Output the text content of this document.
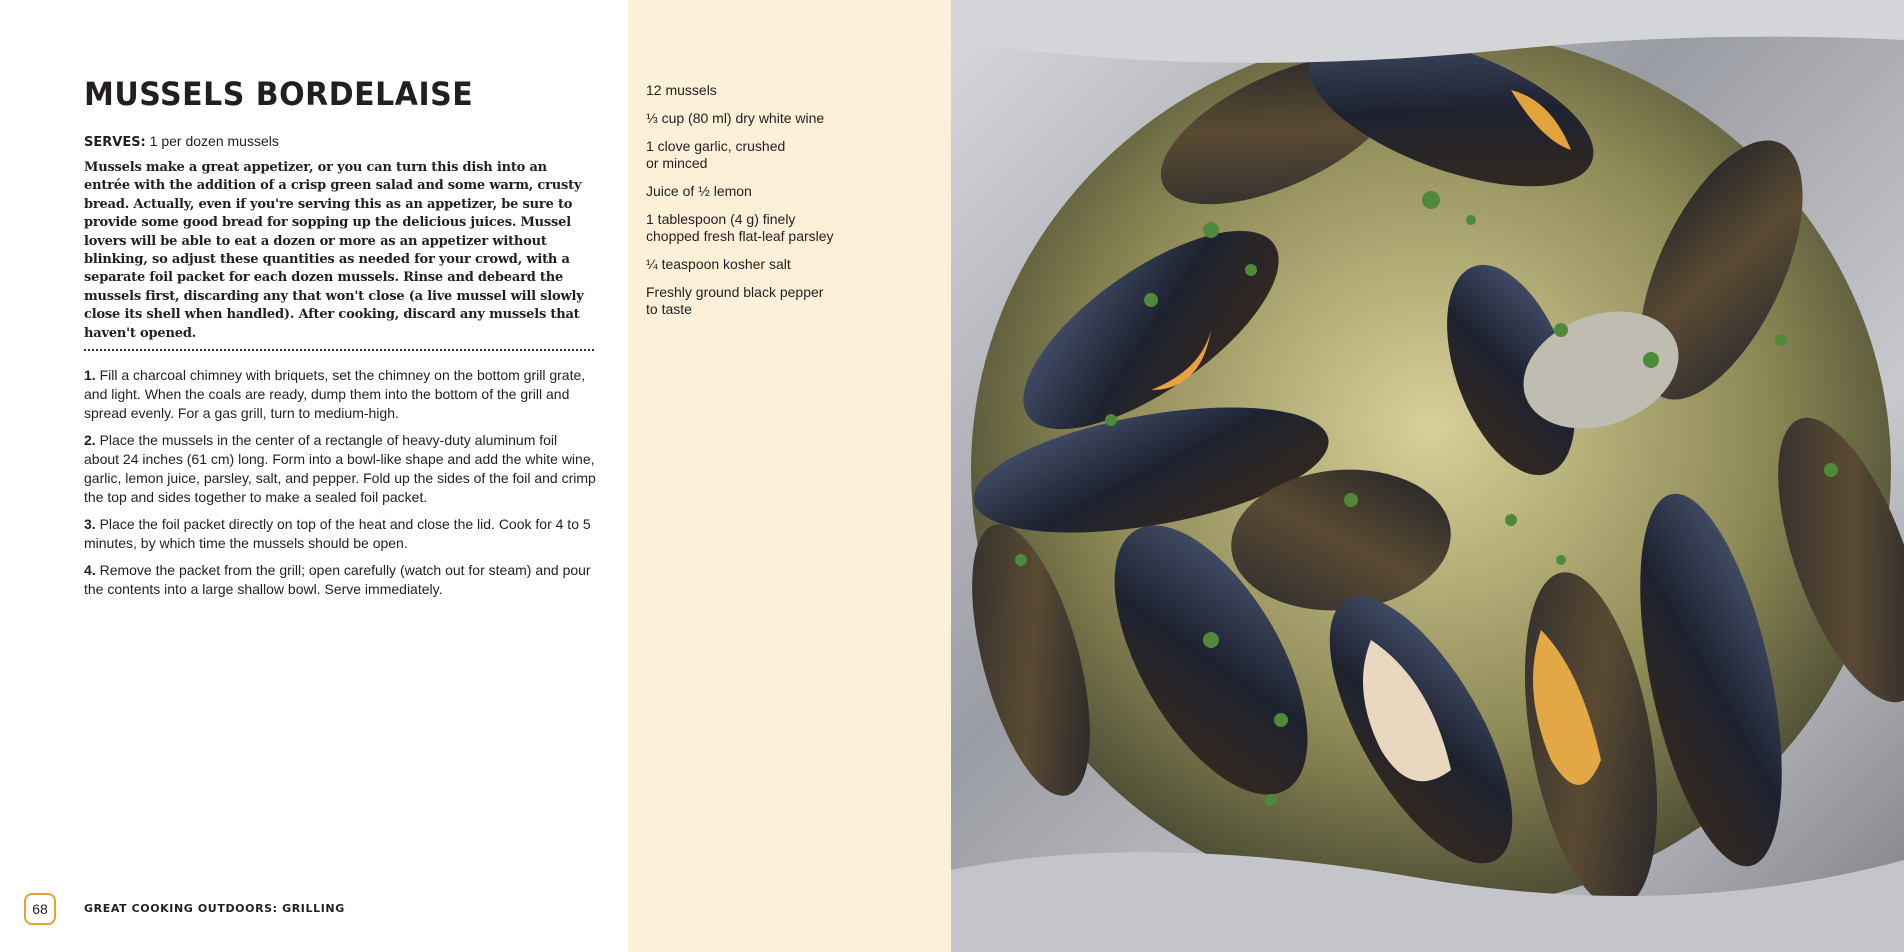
MUSSELS BORDELAISE

SERVES: 1 per dozen mussels

Mussels make a great appetizer, or you can turn this dish into an entrée with the addition of a crisp green salad and some warm, crusty bread. Actually, even if you're serving this as an appetizer, be sure to provide some good bread for sopping up the delicious juices. Mussel lovers will be able to eat a dozen or more as an appetizer without blinking, so adjust these quantities as needed for your crowd, with a separate foil packet for each dozen mussels. Rinse and debeard the mussels first, discarding any that won't close (a live mussel will slowly close its shell when handled). After cooking, discard any mussels that haven't opened.

1. Fill a charcoal chimney with briquets, set the chimney on the bottom grill grate, and light. When the coals are ready, dump them into the bottom of the grill and spread evenly. For a gas grill, turn to medium-high.
2. Place the mussels in the center of a rectangle of heavy-duty aluminum foil about 24 inches (61 cm) long. Form into a bowl-like shape and add the white wine, garlic, lemon juice, parsley, salt, and pepper. Fold up the sides of the foil and crimp the top and sides together to make a sealed foil packet.
3. Place the foil packet directly on top of the heat and close the lid. Cook for 4 to 5 minutes, by which time the mussels should be open.
4. Remove the packet from the grill; open carefully (watch out for steam) and pour the contents into a large shallow bowl. Serve immediately.
68	GREAT COOKING OUTDOORS: GRILLING
12 mussels
⅓ cup (80 ml) dry white wine
1 clove garlic, crushed
or minced
Juice of ½ lemon
1 tablespoon (4 g) finely
chopped fresh flat-leaf parsley
¼ teaspoon kosher salt
Freshly ground black pepper
to taste
